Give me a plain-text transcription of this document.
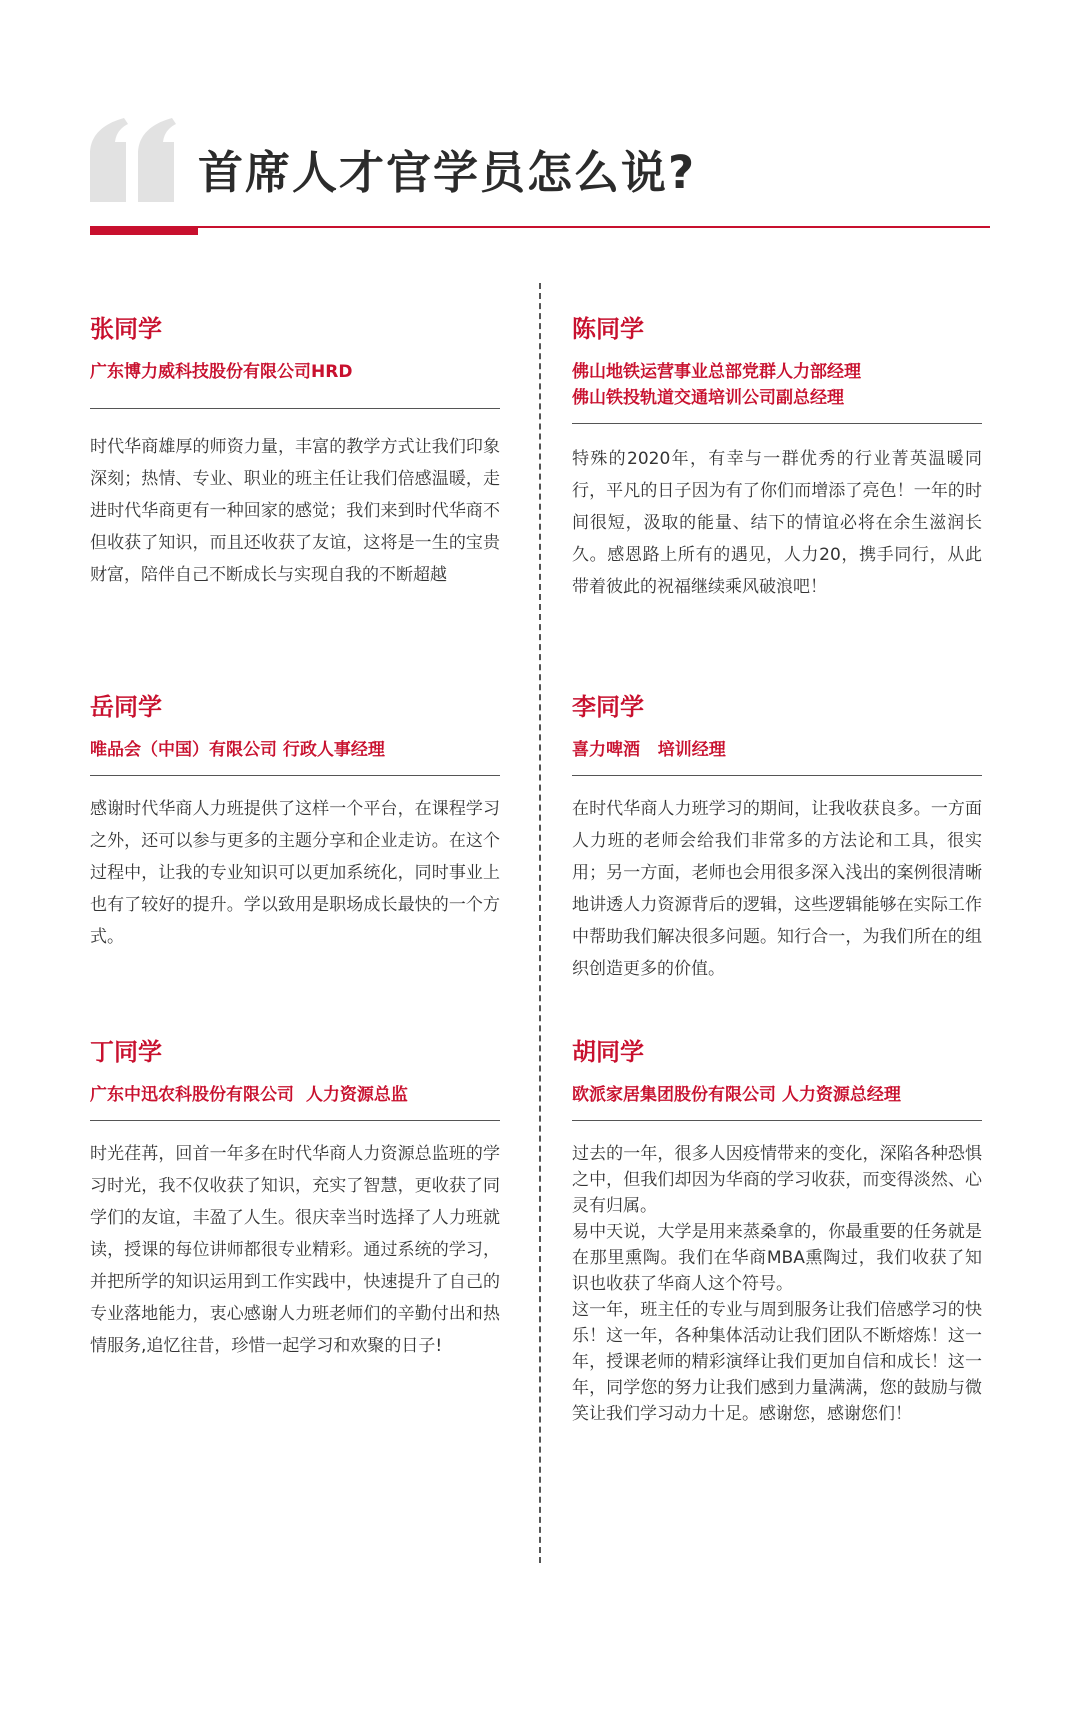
首席人才官学员怎么说?
张同学
广东博力威科技股份有限公司HRD

时代华商雄厚的师资力量，丰富的教学方式让我们印象深刻；热情、专业、职业的班主任让我们倍感温暖，走进时代华商更有一种回家的感觉；我们来到时代华商不但收获了知识，而且还收获了友谊，这将是一生的宝贵财富，陪伴自己不断成长与实现自我的不断超越

陈同学
佛山地铁运营事业总部党群人力部经理
佛山铁投轨道交通培训公司副总经理

特殊的2020年，有幸与一群优秀的行业菁英温暖同行，平凡的日子因为有了你们而增添了亮色！一年的时间很短，汲取的能量、结下的情谊必将在余生滋润长久。感恩路上所有的遇见，人力20，携手同行，从此带着彼此的祝福继续乘风破浪吧！

岳同学
唯品会（中国）有限公司 行政人事经理

感谢时代华商人力班提供了这样一个平台，在课程学习之外，还可以参与更多的主题分享和企业走访。在这个过程中，让我的专业知识可以更加系统化，同时事业上也有了较好的提升。学以致用是职场成长最快的一个方式。

李同学
喜力啤酒   培训经理

在时代华商人力班学习的期间，让我收获良多。一方面人力班的老师会给我们非常多的方法论和工具，很实用；另一方面，老师也会用很多深入浅出的案例很清晰地讲透人力资源背后的逻辑，这些逻辑能够在实际工作中帮助我们解决很多问题。知行合一，为我们所在的组织创造更多的价值。

丁同学
广东中迅农科股份有限公司  人力资源总监

时光荏苒，回首一年多在时代华商人力资源总监班的学习时光，我不仅收获了知识，充实了智慧，更收获了同学们的友谊，丰盈了人生。很庆幸当时选择了人力班就读，授课的每位讲师都很专业精彩。通过系统的学习，并把所学的知识运用到工作实践中，快速提升了自己的专业落地能力，衷心感谢人力班老师们的辛勤付出和热情服务,追忆往昔，珍惜一起学习和欢聚的日子!

胡同学
欧派家居集团股份有限公司 人力资源总经理

过去的一年，很多人因疫情带来的变化，深陷各种恐惧之中，但我们却因为华商的学习收获，而变得淡然、心灵有归属。

易中天说，大学是用来蒸桑拿的，你最重要的任务就是在那里熏陶。我们在华商MBA熏陶过，我们收获了知识也收获了华商人这个符号。

这一年，班主任的专业与周到服务让我们倍感学习的快乐！这一年，各种集体活动让我们团队不断熔炼！这一年，授课老师的精彩演绎让我们更加自信和成长！这一年，同学您的努力让我们感到力量满满，您的鼓励与微笑让我们学习动力十足。感谢您，感谢您们！
